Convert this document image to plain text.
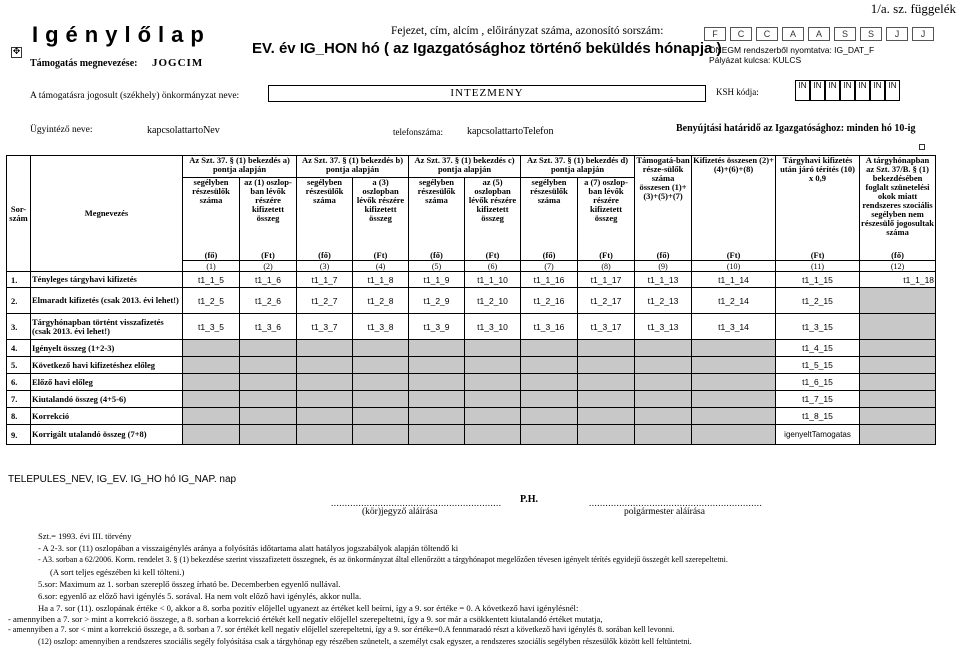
1/a. sz. függelék
Igénylőlap
✥
Fejezet, cím, alcím , előirányzat száma, azonosító sorszám:
EV. év IG_HON hó ( az Igazgatósághoz történő beküldés hónapja )
Támogatás megnevezése: JOGCIM
F	C	C	A	A	S	S	J	J
ÖNEGM rendszerből nyomtatva: IG_DAT_F
Pályázat kulcsa: KULCS
A támogatásra jogosult (székhely) önkormányzat neve:	INTEZMENY	KSH kódja:
IN IN IN IN IN IN IN
Ügyintéző neve:	kapcsolattartoNev	telefonszáma: kapcsolattartoTelefon	Benyújtási határidő az Igazgatósághoz: minden hó 10-ig
Sor-
szám	Megnevezés	Az Szt. 37. § (1) bekezdés a) pontja alapján		Az Szt. 37. § (1) bekezdés b) pontja alapján		Az Szt. 37. § (1) bekezdés c) pontja alapján		Az Szt. 37. § (1) bekezdés d) pontja alapján		Támogatá-ban része-sülők száma összesen (1)+(3)+(5)+(7)	Kifizetés összesen (2)+(4)+(6)+(8)	Tárgyhavi kifizetés után járó térítés (10) x 0,9	A tárgyhónapban az Szt. 37/B. § (1) bekezdésében foglalt szünetelési okok miatt rendszeres szociális segélyben nem részesülő jogosultak száma
		segélyben részesülők száma	az (1) oszlop-ban lévők részére kifizetett összeg	segélyben részesülők száma	a (3) oszlopban lévők részére kifizetett összeg	segélyben részesülők száma	az (5) oszlopban lévők részére kifizetett összeg	segélyben részesülők száma	a (7) oszlop-ban lévők részére kifizetett összeg				
		(fő)	(Ft)	(fő)	(Ft)	(fő)	(Ft)	(fő)	(Ft)	(fő)	(Ft)	(Ft)	(fő)
		(1)	(2)	(3)	(4)	(5)	(6)	(7)	(8)	(9)	(10)	(11)	(12)
1.	Tényleges tárgyhavi kifizetés	t1_1_5	t1_1_6	t1_1_7	t1_1_8	t1_1_9	t1_1_10	t1_1_16	t1_1_17	t1_1_13	t1_1_14	t1_1_15	t1_1_18
2.	Elmaradt kifizetés (csak 2013. évi lehet!)	t1_2_5	t1_2_6	t1_2_7	t1_2_8	t1_2_9	t1_2_10	t1_2_16	t1_2_17	t1_2_13	t1_2_14	t1_2_15	
3.	Tárgyhónapban történt visszafizetés (csak 2013. évi lehet!)	t1_3_5	t1_3_6	t1_3_7	t1_3_8	t1_3_9	t1_3_10	t1_3_16	t1_3_17	t1_3_13	t1_3_14	t1_3_15	
4.	Igényelt összeg (1+2-3)											t1_4_15	
5.	Következő havi kifizetéshez előleg											t1_5_15	
6.	Előző havi előleg											t1_6_15	
7.	Kiutalandó összeg (4+5-6)											t1_7_15	
8.	Korrekció											t1_8_15	
9.	Korrigált utalandó összeg (7+8)											igenyeltTamogatas	
TELEPULES_NEV, IG_EV. IG_HO hó IG_NAP. nap
.............................................................. P.H.	...............................................................
(kör)jegyző aláírása	polgármester aláírása
Szt.= 1993. évi III. törvény
- A 2-3. sor (11) oszlopában a visszaigénylés aránya a folyósítás időtartama alatt hatályos jogszabályok alapján töltendő ki
- A3. sorban a 62/2006. Korm. rendelet 3. § (1) bekezdése szerint visszafizetett összegnek, és az önkormányzat által ellenőrzött a tárgyhónapot megelőzően tévesen igényelt térítés egyidejű összegét kell szerepeltetni.
(A sort teljes egészében ki kell tölteni.)
5.sor: Maximum az 1. sorban szereplő összeg írható be. Decemberben egyenlő nullával.
6.sor: egyenlő az előző havi igénylés 5. sorával. Ha nem volt előző havi igénylés, akkor nulla.
Ha a 7. sor (11). oszlopának értéke < 0, akkor a 8. sorba pozitív előjellel ugyanezt az értéket kell beírni, így a 9. sor értéke = 0. A következő havi igénylésnél:
- amennyiben a 7. sor > mint a korrekció összege, a 8. sorban a korrekció értékét kell negatív előjellel szerepeltetni, így a 9. sor már a csökkentett kiutalandó értéket mutatja,
- amennyiben a 7. sor < mint a korrekció összege, a 8. sorban a 7. sor értékét kell negatív előjellel szerepeltetni, így a 9. sor értéke=0.A fennmaradó részt a következő havi igénylés 8. sorában kell levonni.
(12) oszlop: amennyiben a rendszeres szociális segély folyósítása csak a tárgyhónap egy részében szünetelt, a személyt csak egyszer, a rendszeres szociális segélyben részesülők között kell feltüntetni.
